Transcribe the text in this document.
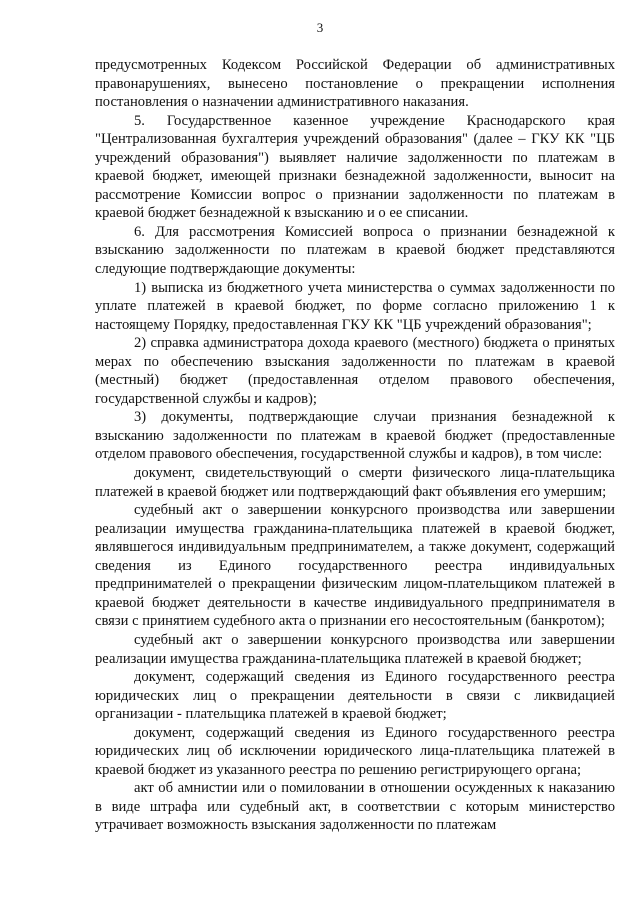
3

предусмотренных Кодексом Российской Федерации об административных правонарушениях, вынесено постановление о прекращении исполнения постановления о назначении административного наказания.

5. Государственное казенное учреждение Краснодарского края "Централизованная бухгалтерия учреждений образования" (далее – ГКУ КК "ЦБ учреждений образования") выявляет наличие задолженности по платежам в краевой бюджет, имеющей признаки безнадежной задолженности, выносит на рассмотрение Комиссии вопрос о признании задолженности по платежам в краевой бюджет безнадежной к взысканию и о ее списании.

6. Для рассмотрения Комиссией вопроса о признании безнадежной к взысканию задолженности по платежам в краевой бюджет представляются следующие подтверждающие документы:

1) выписка из бюджетного учета министерства о суммах задолженности по уплате платежей в краевой бюджет, по форме согласно приложению 1 к настоящему Порядку, предоставленная ГКУ КК "ЦБ учреждений образования";

2) справка администратора дохода краевого (местного) бюджета о принятых мерах по обеспечению взыскания задолженности по платежам в краевой (местный) бюджет (предоставленная отделом правового обеспечения, государственной службы и кадров);

3) документы, подтверждающие случаи признания безнадежной к взысканию задолженности по платежам в краевой бюджет (предоставленные отделом правового обеспечения, государственной службы и кадров), в том числе:

документ, свидетельствующий о смерти физического лица-плательщика платежей в краевой бюджет или подтверждающий факт объявления его умершим;

судебный акт о завершении конкурсного производства или завершении реализации имущества гражданина-плательщика платежей в краевой бюджет, являвшегося индивидуальным предпринимателем, а также документ, содержащий сведения из Единого государственного реестра индивидуальных предпринимателей о прекращении физическим лицом-плательщиком платежей в краевой бюджет деятельности в качестве индивидуального предпринимателя в связи с принятием судебного акта о признании его несостоятельным (банкротом);

судебный акт о завершении конкурсного производства или завершении реализации имущества гражданина-плательщика платежей в краевой бюджет;

документ, содержащий сведения из Единого государственного реестра юридических лиц о прекращении деятельности в связи с ликвидацией организации - плательщика платежей в краевой бюджет;

документ, содержащий сведения из Единого государственного реестра юридических лиц об исключении юридического лица-плательщика платежей в краевой бюджет из указанного реестра по решению регистрирующего органа;

акт об амнистии или о помиловании в отношении осужденных к наказанию в виде штрафа или судебный акт, в соответствии с которым министерство утрачивает возможность взыскания задолженности по платежам
